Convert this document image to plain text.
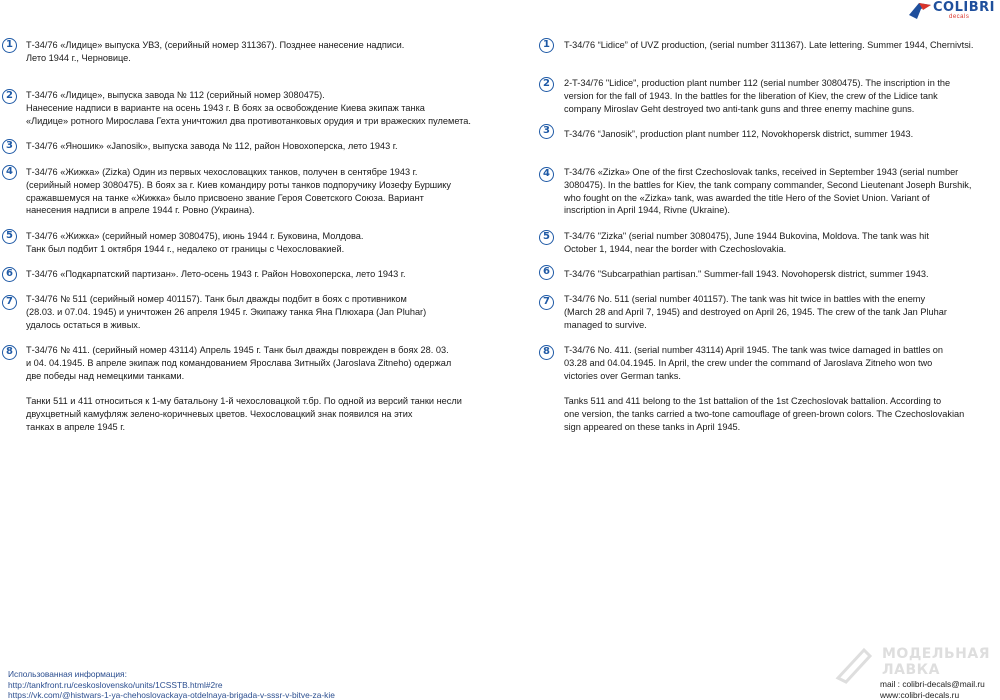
COLIBRI
decals
Т-34/76 «Лидице» выпуска УВЗ, (серийный номер 311367). Позднее нанесение надписи.
Лето 1944 г., Черновице.
1
Т-34/76 «Лидице», выпуска завода № 112 (серийный номер 3080475).
Нанесение надписи в варианте на осень 1943 г. В боях за освобождение Киева экипаж танка
«Лидице» ротного Мирослава Гехта уничтожил два противотанковых орудия и три вражеских пулемета.
2
Т-34/76 «Яношик» «Janosik», выпуска завода № 112, район Новохоперска, лето 1943 г.
3
Т-34/76 «Жижка» (Zizka) Один из первых чехословацких танков, получен в сентябре 1943 г.
(серийный номер 3080475). В боях за г. Киев командиру роты танков подпоручику Иозефу Буршику
сражавшемуся на танке «Жижка» было присвоено звание Героя Советского Союза. Вариант
нанесения надписи в апреле 1944 г. Ровно (Украина).
4
Т-34/76 «Жижка» (серийный номер 3080475), июнь 1944 г. Буковина, Молдова.
Танк был подбит 1 октября 1944 г., недалеко от границы с Чехословакией.
5
Т-34/76 «Подкарпатский партизан». Лето-осень 1943 г. Район Новохоперска, лето 1943 г.
6
Т-34/76 № 511 (серийный номер 401157). Танк был дважды подбит в боях с противником
(28.03. и 07.04. 1945) и уничтожен 26 апреля 1945 г. Экипажу танка Яна Плюхара (Jan Pluhar)
удалось остаться в живых.
7
Т-34/76 № 411. (серийный номер 43114) Апрель 1945 г. Танк был дважды поврежден в боях 28. 03.
и 04. 04.1945. В апреле экипаж под командованием Ярослава Зитныйх (Jaroslava Zitneho) одержал
две победы над немецкими танками.
8
Танки 511 и 411 относиться к 1-му батальону 1-й чехословацкой т.бр. По одной из версий танки несли
двухцветный камуфляж зелено-коричневых цветов. Чехословацкий знак появился на этих
танках в апреле 1945 г.
T-34/76 “Lidice” of UVZ production, (serial number 311367). Late lettering. Summer 1944, Chernivtsi.
1
2-T-34/76 "Lidice", production plant number 112 (serial number 3080475). The inscription in the
version for the fall of 1943. In the battles for the liberation of Kiev, the crew of the Lidice tank
company Miroslav Geht destroyed two anti-tank guns and three enemy machine guns.
2
T-34/76 “Janosik”, production plant number 112, Novokhopersk district, summer 1943.
3
T-34/76 «Zizka» One of the first Czechoslovak tanks, received in September 1943 (serial number
3080475). In the battles for Kiev, the tank company commander, Second Lieutenant Joseph Burshik,
who fought on the «Zizka» tank, was awarded the title Hero of the Soviet Union. Variant of
inscription in April 1944, Rivne (Ukraine).
4
T-34/76 "Zizka" (serial number 3080475), June 1944 Bukovina, Moldova. The tank was hit
October 1, 1944, near the border with Czechoslovakia.
5
T-34/76 "Subcarpathian partisan." Summer-fall 1943. Novohopersk district, summer 1943.
6
T-34/76 No. 511 (serial number 401157). The tank was hit twice in battles with the enemy
(March 28 and April 7, 1945) and destroyed on April 26, 1945. The crew of the tank Jan Pluhar
managed to survive.
7
T-34/76 No. 411. (serial number 43114) April 1945. The tank was twice damaged in battles on
03.28 and 04.04.1945. In April, the crew under the command of Jaroslava Zitneho won two
victories over German tanks.
8
Tanks 511 and 411 belong to the 1st battalion of the 1st Czechoslovak battalion. According to
one version, the tanks carried a two-tone camouflage of green-brown colors. The Czechoslovakian
sign appeared on these tanks in April 1945.
МОДЕЛЬНАЯ
ЛАВКА
Использованная информация:
http://tankfront.ru/ceskoslovensko/units/1CSSTB.html#2re
https://vk.com/@histwars-1-ya-chehoslovackaya-otdelnaya-brigada-v-sssr-v-bitve-za-kie
mail : colibri-decals@mail.ru
www:colibri-decals.ru
